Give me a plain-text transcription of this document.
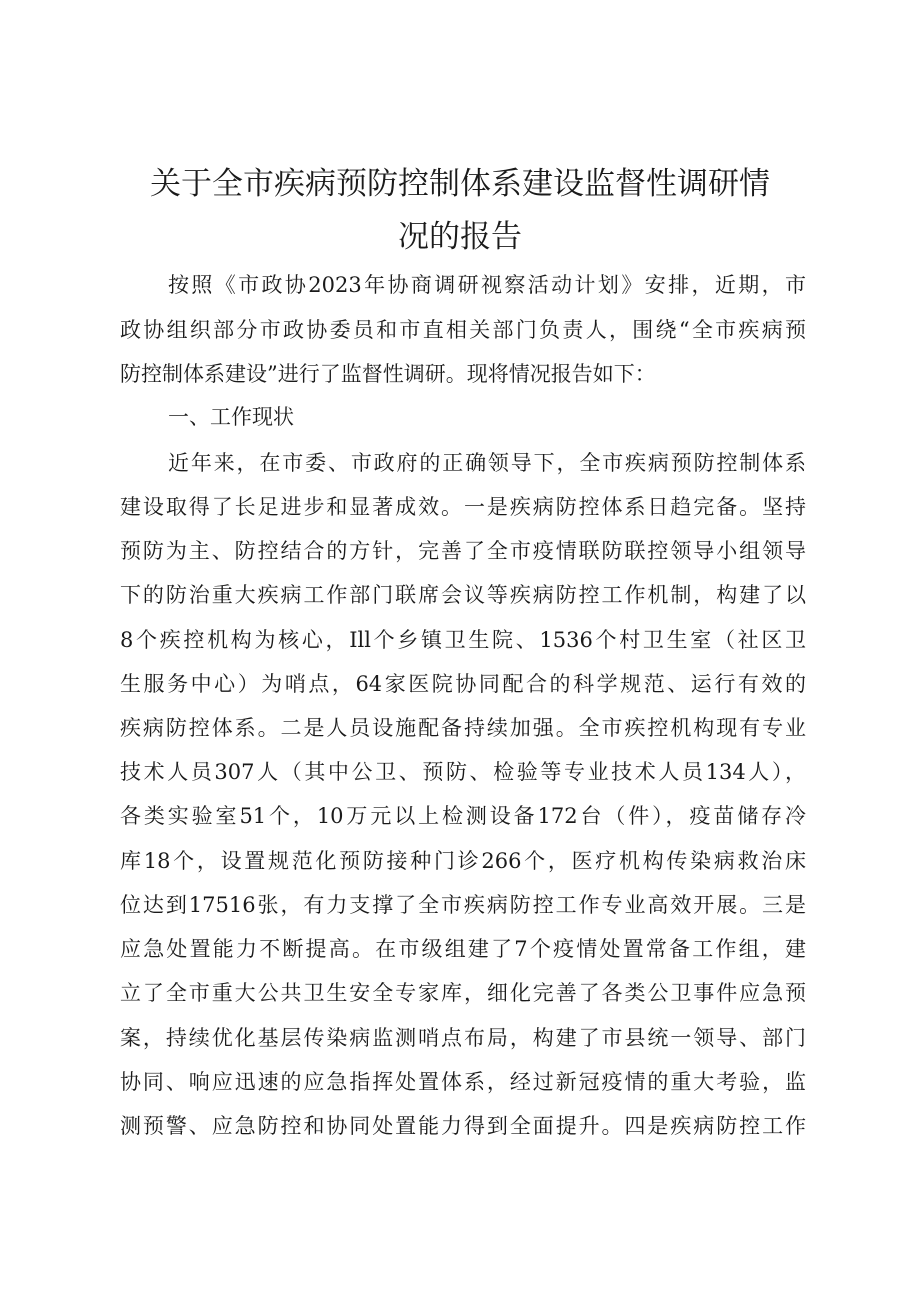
关于全市疾病预防控制体系建设监督性调研情
况的报告
按照《市政协2023年协商调研视察活动计划》安排，近期，市
政协组织部分市政协委员和市直相关部门负责人，围绕“全市疾病预
防控制体系建设”进行了监督性调研。现将情况报告如下：
一、工作现状
近年来，在市委、市政府的正确领导下，全市疾病预防控制体系
建设取得了长足进步和显著成效。一是疾病防控体系日趋完备。坚持
预防为主、防控结合的方针，完善了全市疫情联防联控领导小组领导
下的防治重大疾病工作部门联席会议等疾病防控工作机制，构建了以
8个疾控机构为核心，Ill个乡镇卫生院、1536个村卫生室（社区卫
生服务中心）为哨点，64家医院协同配合的科学规范、运行有效的
疾病防控体系。二是人员设施配备持续加强。全市疾控机构现有专业
技术人员307人（其中公卫、预防、检验等专业技术人员134人），
各类实验室51个，10万元以上检测设备172台（件），疫苗储存冷
库18个，设置规范化预防接种门诊266个，医疗机构传染病救治床
位达到17516张，有力支撑了全市疾病防控工作专业高效开展。三是
应急处置能力不断提高。在市级组建了7个疫情处置常备工作组，建
立了全市重大公共卫生安全专家库，细化完善了各类公卫事件应急预
案，持续优化基层传染病监测哨点布局，构建了市县统一领导、部门
协同、响应迅速的应急指挥处置体系，经过新冠疫情的重大考验，监
测预警、应急防控和协同处置能力得到全面提升。四是疾病防控工作
